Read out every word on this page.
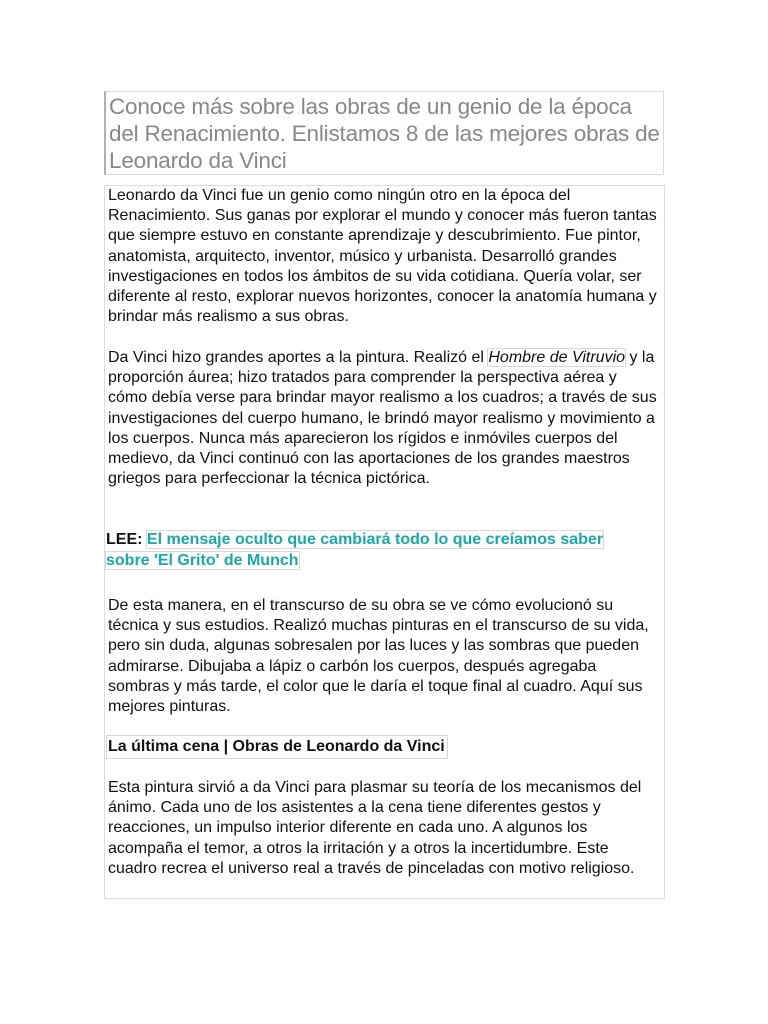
Conoce más sobre las obras de un genio de la época del Renacimiento. Enlistamos 8 de las mejores obras de Leonardo da Vinci

Leonardo da Vinci fue un genio como ningún otro en la época del Renacimiento. Sus ganas por explorar el mundo y conocer más fueron tantas que siempre estuvo en constante aprendizaje y descubrimiento. Fue pintor, anatomista, arquitecto, inventor, músico y urbanista. Desarrolló grandes investigaciones en todos los ámbitos de su vida cotidiana. Quería volar, ser diferente al resto, explorar nuevos horizontes, conocer la anatomía humana y brindar más realismo a sus obras.

Da Vinci hizo grandes aportes a la pintura. Realizó el Hombre de Vitruvio y la proporción áurea; hizo tratados para comprender la perspectiva aérea y cómo debía verse para brindar mayor realismo a los cuadros; a través de sus investigaciones del cuerpo humano, le brindó mayor realismo y movimiento a los cuerpos. Nunca más aparecieron los rígidos e inmóviles cuerpos del medievo, da Vinci continuó con las aportaciones de los grandes maestros griegos para perfeccionar la técnica pictórica.

LEE: El mensaje oculto que cambiará todo lo que creíamos saber sobre 'El Grito' de Munch

De esta manera, en el transcurso de su obra se ve cómo evolucionó su técnica y sus estudios. Realizó muchas pinturas en el transcurso de su vida, pero sin duda, algunas sobresalen por las luces y las sombras que pueden admirarse. Dibujaba a lápiz o carbón los cuerpos, después agregaba sombras y más tarde, el color que le daría el toque final al cuadro. Aquí sus mejores pinturas.

La última cena | Obras de Leonardo da Vinci

Esta pintura sirvió a da Vinci para plasmar su teoría de los mecanismos del ánimo. Cada uno de los asistentes a la cena tiene diferentes gestos y reacciones, un impulso interior diferente en cada uno. A algunos los acompaña el temor, a otros la irritación y a otros la incertidumbre. Este cuadro recrea el universo real a través de pinceladas con motivo religioso.
